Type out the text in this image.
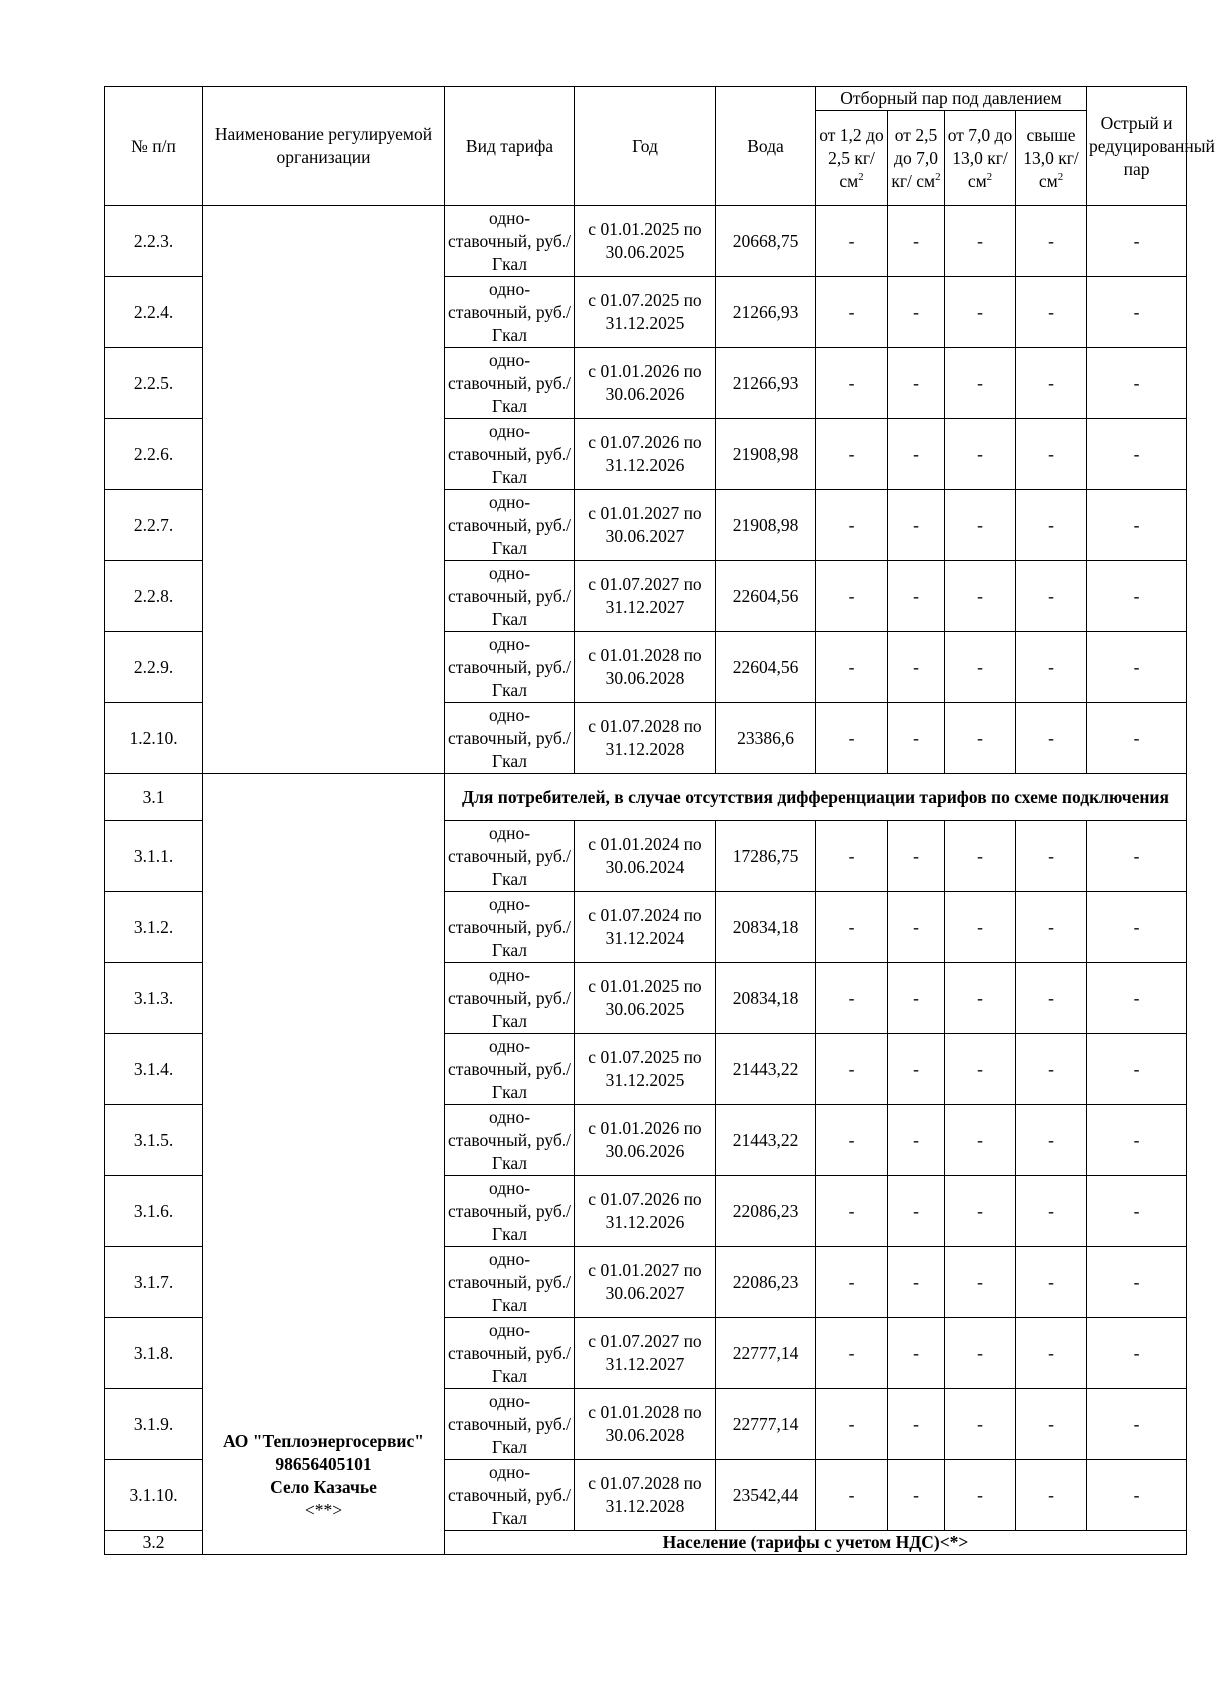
№ п/п	Наименование регулируемой организации	Вид тарифа	Год	Вода	Отборный пар под давлением				Острый и редуцированный пар
					от 1,2 до 2,5 кг/ $см^2$	от 2,5 до 7,0 кг/ $см^2$	от 7,0 до 13,0 кг/ $см^2$	свыше 13,0 кг/ $см^2$
2.2.3.		одно- ставочный, руб./Гкал	с 01.01.2025 по 30.06.2025	20668,75	-	-	-	-	-
2.2.4.		одно- ставочный, руб./Гкал	с 01.07.2025 по 31.12.2025	21266,93	-	-	-	-	-
2.2.5.		одно- ставочный, руб./Гкал	с 01.01.2026 по 30.06.2026	21266,93	-	-	-	-	-
2.2.6.		одно- ставочный, руб./Гкал	с 01.07.2026 по 31.12.2026	21908,98	-	-	-	-	-
2.2.7.		одно- ставочный, руб./Гкал	с 01.01.2027 по 30.06.2027	21908,98	-	-	-	-	-
2.2.8.		одно- ставочный, руб./Гкал	с 01.07.2027 по 31.12.2027	22604,56	-	-	-	-	-
2.2.9.		одно- ставочный, руб./Гкал	с 01.01.2028 по 30.06.2028	22604,56	-	-	-	-	-
1.2.10.		одно- ставочный, руб./Гкал	с 01.07.2028 по 31.12.2028	23386,6	-	-	-	-	-
3.1	АО "Теплоэнергосервис"
98656405101
Село Казачье
<**>	Для потребителей, в случае отсутствия дифференциации тарифов по схеме подключения							
3.1.1.		одно- ставочный, руб./Гкал	с 01.01.2024 по 30.06.2024	17286,75	-	-	-	-	-
3.1.2.		одно- ставочный, руб./Гкал	с 01.07.2024 по 31.12.2024	20834,18	-	-	-	-	-
3.1.3.		одно- ставочный, руб./Гкал	с 01.01.2025 по 30.06.2025	20834,18	-	-	-	-	-
3.1.4.		одно- ставочный, руб./Гкал	с 01.07.2025 по 31.12.2025	21443,22	-	-	-	-	-
3.1.5.		одно- ставочный, руб./Гкал	с 01.01.2026 по 30.06.2026	21443,22	-	-	-	-	-
3.1.6.		одно- ставочный, руб./Гкал	с 01.07.2026 по 31.12.2026	22086,23	-	-	-	-	-
3.1.7.		одно- ставочный, руб./Гкал	с 01.01.2027 по 30.06.2027	22086,23	-	-	-	-	-
3.1.8.		одно- ставочный, руб./Гкал	с 01.07.2027 по 31.12.2027	22777,14	-	-	-	-	-
3.1.9.		одно- ставочный, руб./Гкал	с 01.01.2028 по 30.06.2028	22777,14	-	-	-	-	-
3.1.10.		одно- ставочный, руб./Гкал	с 01.07.2028 по 31.12.2028	23542,44	-	-	-	-	-
3.2		Население (тарифы с учетом НДС)<*>							
